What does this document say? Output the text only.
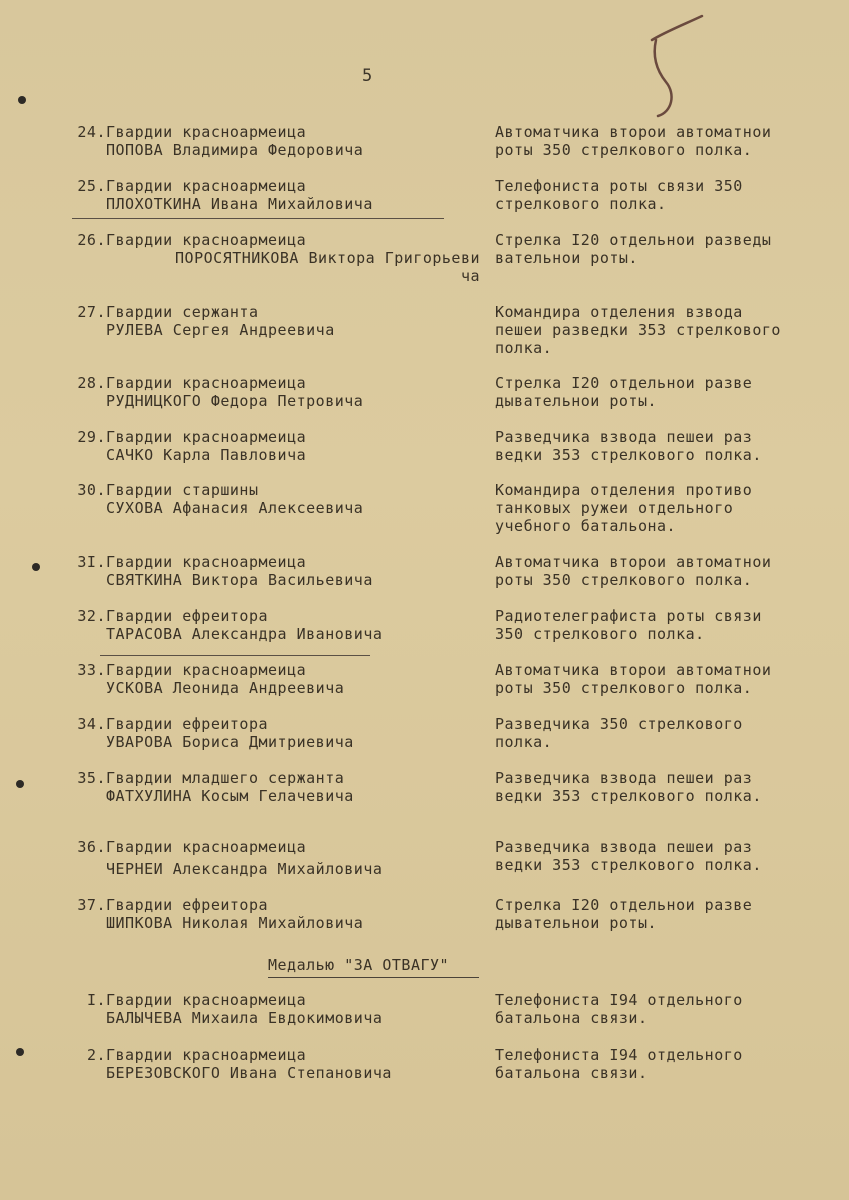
5
24. Гвардии красноармеица
ПОПОВА Владимира Федоровича
Автоматчика второи автоматнои
роты 350 стрелкового полка.
25. Гвардии красноармеица
ПЛОХОТКИНА Ивана Михайловича
Телефониста роты связи 350
стрелкового полка.
26. Гвардии красноармеица
ПОРОСЯТНИКОВА Виктора Григорьеви
ча
Стрелка I20 отдельнои разведы
вательнои роты.
27. Гвардии сержанта
РУЛЕВА Сергея Андреевича
Командира отделения взвода
пешеи разведки 353 стрелкового
полка.
28. Гвардии красноармеица
РУДНИЦКОГО Федора Петровича
Стрелка I20 отдельнои разве
дывательнои роты.
29. Гвардии красноармеица
САЧКО Карла Павловича
Разведчика взвода пешеи раз
ведки 353 стрелкового полка.
30. Гвардии старшины
СУХОВА Афанасия Алексеевича
Командира отделения противо
танковых ружеи отдельного
учебного батальона.
3I. Гвардии красноармеица
СВЯТКИНА Виктора Васильевича
Автоматчика второи автоматнои
роты 350 стрелкового полка.
32. Гвардии ефреитора
ТАРАСОВА Александра Ивановича
Радиотелеграфиста роты связи
350 стрелкового полка.
33. Гвардии красноармеица
УСКОВА Леонида Андреевича
Автоматчика второи автоматнои
роты 350 стрелкового полка.
34. Гвардии ефреитора
УВАРОВА Бориса Дмитриевича
Разведчика 350 стрелкового
полка.
35. Гвардии младшего сержанта
ФАТХУЛИНА Косым Гелачевича
Разведчика взвода пешеи раз
ведки 353 стрелкового полка.
36. Гвардии красноармеица
ЧЕРНЕИ Александра Михайловича
Разведчика взвода пешеи раз
ведки 353 стрелкового полка.
37. Гвардии ефреитора
ШИПКОВА Николая Михайловича
Стрелка I20 отдельнои разве
дывательнои роты.
Медалью "ЗА ОТВАГУ"
I. Гвардии красноармеица
БАЛЫЧЕВА Михаила Евдокимовича
Телефониста I94 отдельного
батальона связи.
2. Гвардии красноармеица
БЕРЕЗОВСКОГО Ивана Степановича
Телефониста I94 отдельного
батальона связи.
